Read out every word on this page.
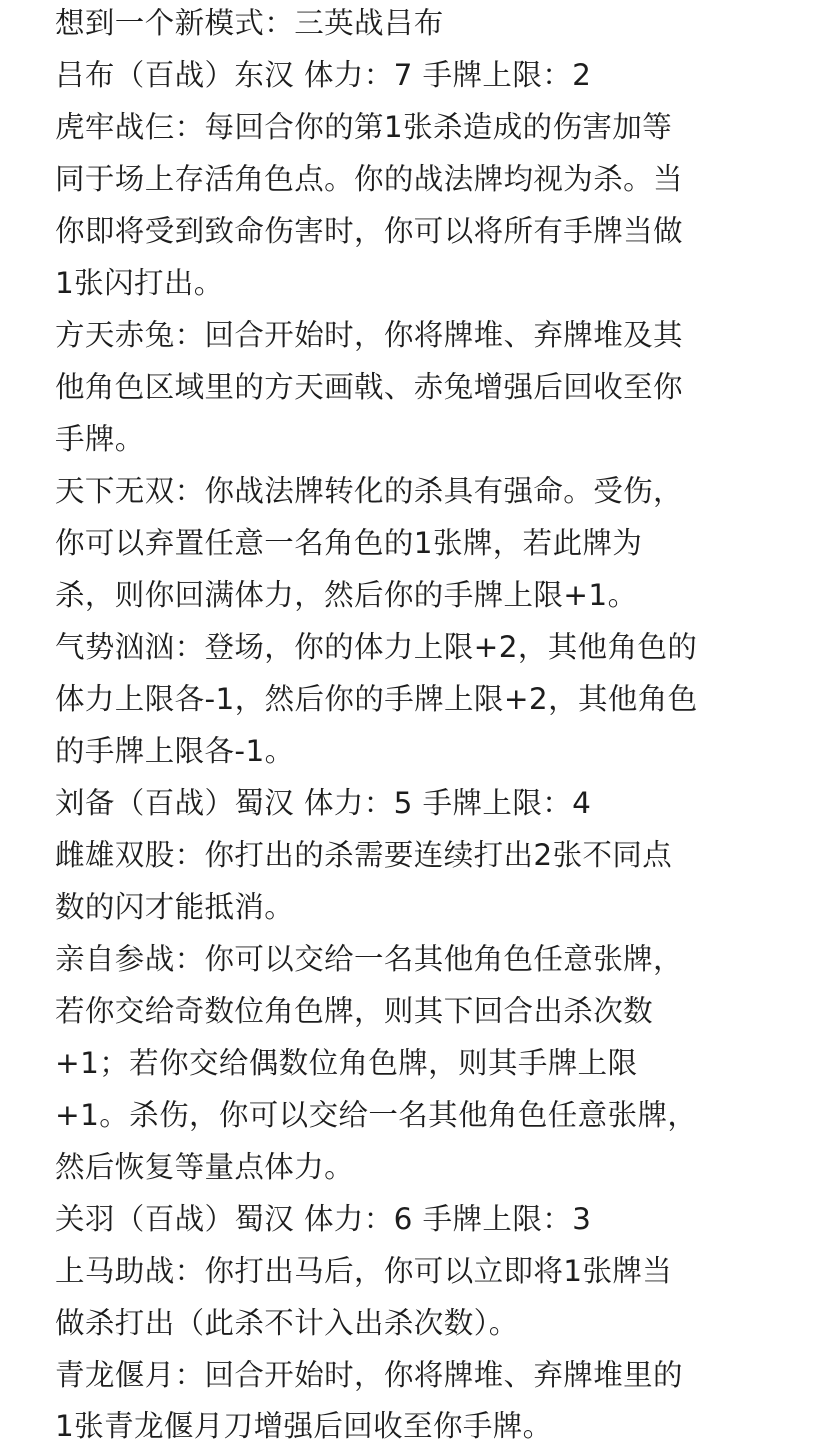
想到一个新模式：三英战吕布
吕布（百战）东汉 体力：7 手牌上限：2
虎牢战仨：每回合你的第1张杀造成的伤害加等
同于场上存活角色点。你的战法牌均视为杀。当
你即将受到致命伤害时，你可以将所有手牌当做
1张闪打出。
方天赤兔：回合开始时，你将牌堆、弃牌堆及其
他角色区域里的方天画戟、赤兔增强后回收至你
手牌。
天下无双：你战法牌转化的杀具有强命。受伤，
你可以弃置任意一名角色的1张牌，若此牌为
杀，则你回满体力，然后你的手牌上限+1。
气势汹汹：登场，你的体力上限+2，其他角色的
体力上限各-1，然后你的手牌上限+2，其他角色
的手牌上限各-1。
刘备（百战）蜀汉 体力：5 手牌上限：4
雌雄双股：你打出的杀需要连续打出2张不同点
数的闪才能抵消。
亲自参战：你可以交给一名其他角色任意张牌，
若你交给奇数位角色牌，则其下回合出杀次数
+1；若你交给偶数位角色牌，则其手牌上限
+1。杀伤，你可以交给一名其他角色任意张牌，
然后恢复等量点体力。
关羽（百战）蜀汉 体力：6 手牌上限：3
上马助战：你打出马后，你可以立即将1张牌当
做杀打出（此杀不计入出杀次数）。
青龙偃月：回合开始时，你将牌堆、弃牌堆里的
1张青龙偃月刀增强后回收至你手牌。
